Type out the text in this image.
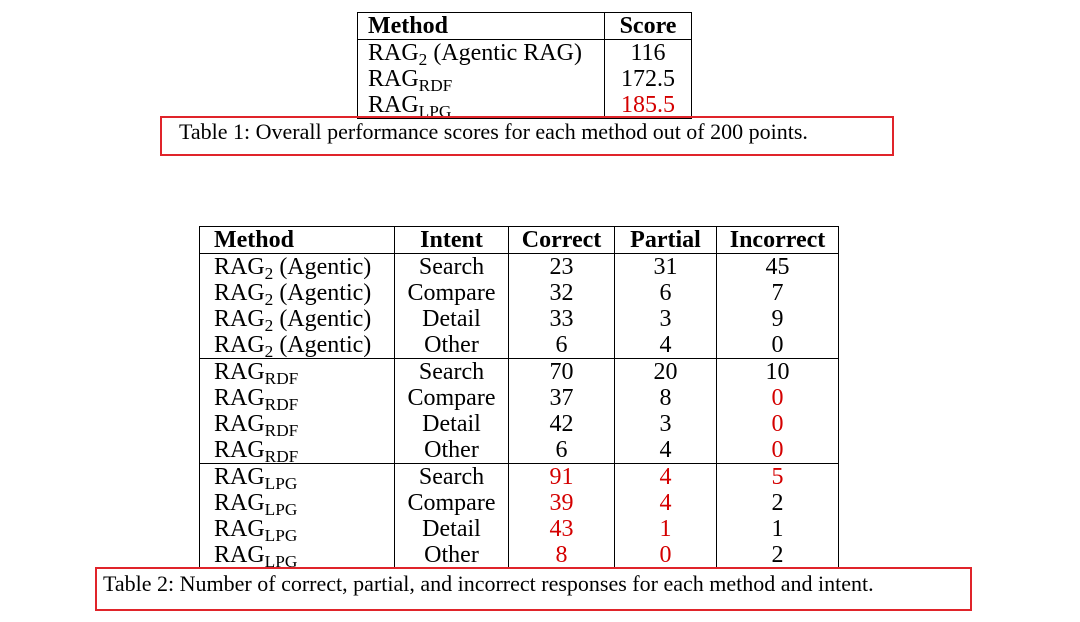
Method	Score
$RAG_2$ (Agentic RAG)	116
$RAG_{RDF}$	172.5
$RAG_{LPG}$	185.5
Table 1: Overall performance scores for each method out of 200 points.
Method	Intent	Correct	Partial	Incorrect
$RAG_2$ (Agentic)	Search	23	31	45
$RAG_2$ (Agentic)	Compare	32	6	7
$RAG_2$ (Agentic)	Detail	33	3	9
$RAG_2$ (Agentic)	Other	6	4	0
$RAG_{RDF}$	Search	70	20	10
$RAG_{RDF}$	Compare	37	8	0
$RAG_{RDF}$	Detail	42	3	0
$RAG_{RDF}$	Other	6	4	0
$RAG_{LPG}$	Search	91	4	5
$RAG_{LPG}$	Compare	39	4	2
$RAG_{LPG}$	Detail	43	1	1
$RAG_{LPG}$	Other	8	0	2
Table 2: Number of correct, partial, and incorrect responses for each method and intent.
